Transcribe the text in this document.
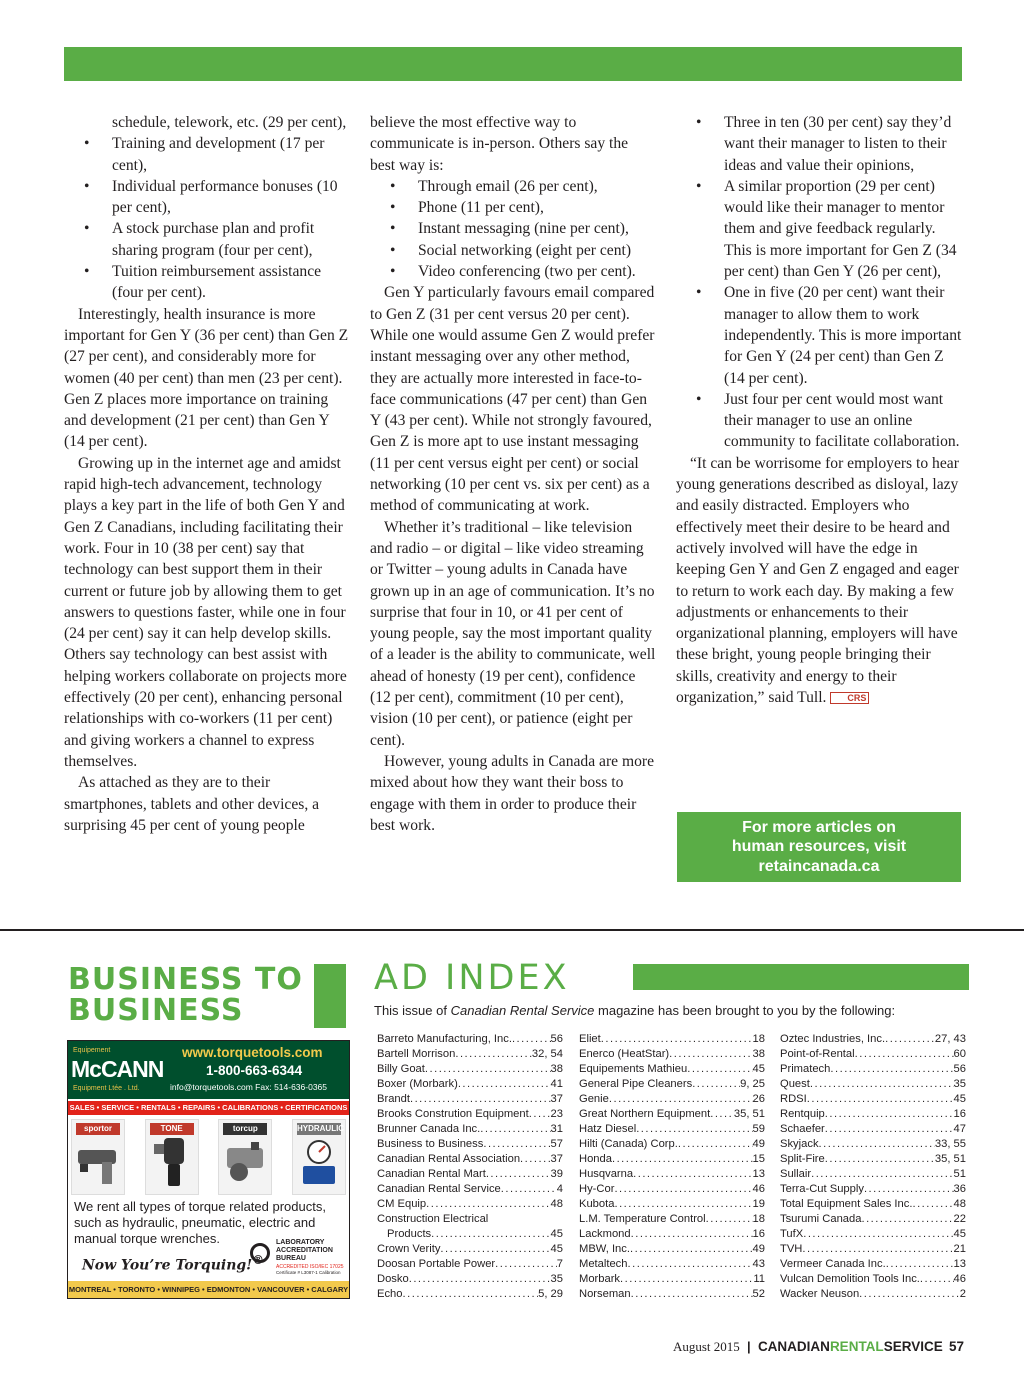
schedule, telework, etc. (29 per cent),
• Training and development (17 per cent),
• Individual performance bonuses (10 per cent),
• A stock purchase plan and profit sharing program (four per cent),
• Tuition reimbursement assistance (four per cent).

Interestingly, health insurance is more important for Gen Y (36 per cent) than Gen Z (27 per cent), and considerably more for women (40 per cent) than men (23 per cent). Gen Z places more importance on training and development (21 per cent) than Gen Y (14 per cent).

Growing up in the internet age and amidst rapid high-tech advancement, technology plays a key part in the life of both Gen Y and Gen Z Canadians, including facilitating their work. Four in 10 (38 per cent) say that technology can best support them in their current or future job by allowing them to get answers to questions faster, while one in four (24 per cent) say it can help develop skills. Others say technology can best assist with helping workers collaborate on projects more effectively (20 per cent), enhancing personal relationships with co-workers (11 per cent) and giving workers a channel to express themselves.

As attached as they are to their smartphones, tablets and other devices, a surprising 45 per cent of young people

believe the most effective way to communicate is in-person. Others say the best way is:

• Through email (26 per cent),
• Phone (11 per cent),
• Instant messaging (nine per cent),
• Social networking (eight per cent)
• Video conferencing (two per cent).

Gen Y particularly favours email compared to Gen Z (31 per cent versus 20 per cent). While one would assume Gen Z would prefer instant messaging over any other method, they are actually more interested in face-to-face communications (47 per cent) than Gen Y (43 per cent). While not strongly favoured, Gen Z is more apt to use instant messaging (11 per cent versus eight per cent) or social networking (10 per cent vs. six per cent) as a method of communicating at work.

Whether it’s traditional – like television and radio – or digital – like video streaming or Twitter – young adults in Canada have grown up in an age of communication. It’s no surprise that four in 10, or 41 per cent of young people, say the most important quality of a leader is the ability to communicate, well ahead of honesty (19 per cent), confidence (12 per cent), commitment (10 per cent), vision (10 per cent), or patience (eight per cent).

However, young adults in Canada are more mixed about how they want their boss to engage with them in order to produce their best work.

• Three in ten (30 per cent) say they’d want their manager to listen to their ideas and value their opinions,
• A similar proportion (29 per cent) would like their manager to mentor them and give feedback regularly. This is more important for Gen Z (34 per cent) than Gen Y (26 per cent),
• One in five (20 per cent) want their manager to allow them to work independently. This is more important for Gen Y (24 per cent) than Gen Z (14 per cent).
• Just four per cent would most want their manager to use an online community to facilitate collaboration.

“It can be worrisome for employers to hear young generations described as disloyal, lazy and easily distracted. Employers who effectively meet their desire to be heard and actively involved will have the edge in keeping Gen Y and Gen Z engaged and eager to return to work each day. By making a few adjustments or enhancements to their organizational planning, employers will have these bright, young people bringing their skills, creativity and energy to their organization,” said Tull. CRS

For more articles on
human resources, visit
retaincanada.ca
BUSINESS TO
BUSINESS
Equipement
McCANN
Equipment Ltée . Ltd.
www.torquetools.com
1-800-663-6344
info@torquetools.com Fax: 514-636-0365
SALES • SERVICE • RENTALS • REPAIRS • CALIBRATIONS • CERTIFICATIONS
sportor	TONE	torcup	HYDRAULIC
We rent all types of torque related products, such as hydraulic, pneumatic, electric and manual torque wrenches.
Now You’re Torquing!®
LABORATORY ACCREDITATION BUREAU
ACCREDITED ISO/IEC 17025
Certificate # L3087-1 Calibration
MONTREAL • TORONTO • WINNIPEG • EDMONTON • VANCOUVER • CALGARY
AD INDEX
This issue of Canadian Rental Service magazine has been brought to you by the following:
Barreto Manufacturing, Inc. .....	56
Bartell Morrison .....	32, 54
Billy Goat .....	38
Boxer (Morbark) .....	41
Brandt .....	37
Brooks Constrution Equipment ..... 23
Brunner Canada Inc. .....	31
Business to Business .....	57
Canadian Rental Association .....	37
Canadian Rental Mart .....	39
Canadian Rental Service .....	4
CM Equip .....	48
Construction Electrical
Products .....	45
Crown Verity .....	45
Doosan Portable Power .....	7
Dosko .....	35
Echo .....	5, 29
Eliet .....	18
Enerco (HeatStar) .....	38
Equipements Mathieu .....	45
General Pipe Cleaners .....	9, 25
Genie .....	26
Great Northern Equipment ..... 35, 51
Hatz Diesel .....	59
Hilti (Canada) Corp. .....	49
Honda .....	15
Husqvarna .....	13
Hy-Cor .....	46
Kubota .....	19
L.M. Temperature Control .....	18
Lackmond .....	16
MBW, Inc. .....	49
Metaltech .....	43
Morbark .....	11
Norseman .....	52
Oztec Industries, Inc. .....	27, 43
Point-of-Rental .....	60
Primatech .....	56
Quest .....	35
RDSI .....	45
Rentquip .....	16
Schaefer .....	47
Skyjack .....	33, 55
Split-Fire .....	35, 51
Sullair .....	51
Terra-Cut Supply .....	36
Total Equipment Sales Inc. .....	48
Tsurumi Canada .....	22
TufX .....	45
TVH .....	21
Vermeer Canada Inc. .....	13
Vulcan Demolition Tools Inc. .....	46
Wacker Neuson .....	2
August 2015 | CANADIANRENTALSERVICE 57
